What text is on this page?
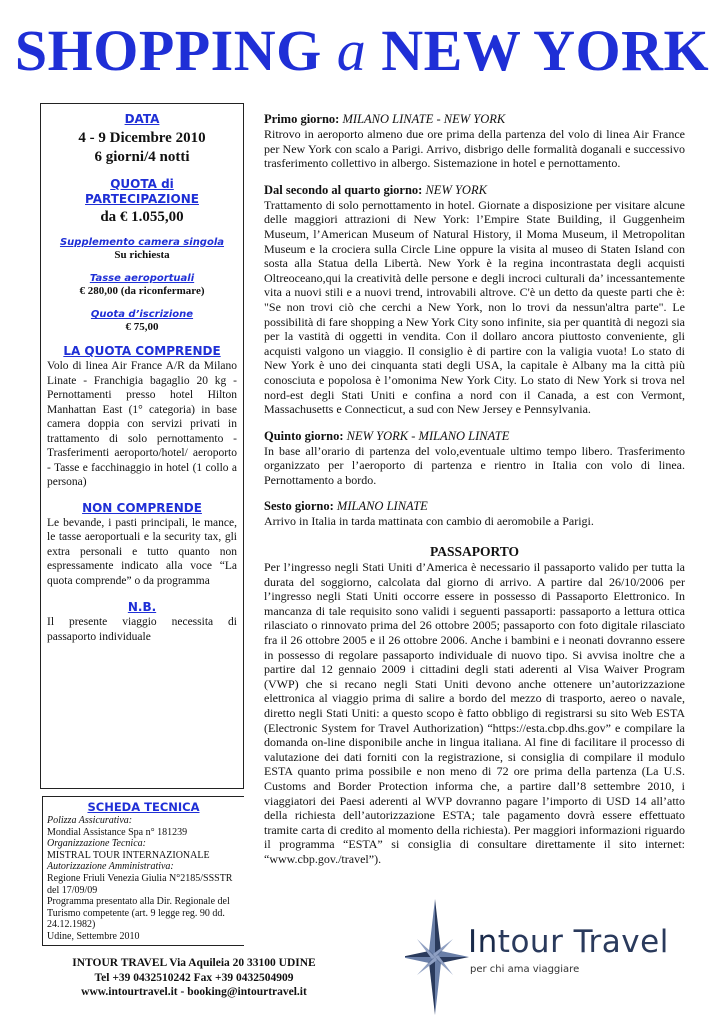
SHOPPING a NEW YORK
DATA
4 - 9 Dicembre 2010
6 giorni/4 notti
QUOTA di
PARTECIPAZIONE
da € 1.055,00
Supplemento camera singola
Su richiesta
Tasse aeroportuali
€ 280,00 (da riconfermare)
Quota d’iscrizione
€ 75,00
LA QUOTA COMPRENDE
Volo di linea Air France A/R da Milano Linate - Franchigia bagaglio 20 kg - Pernottamenti presso hotel Hilton Manhattan East (1° categoria) in base camera doppia con servizi privati in trattamento di solo pernottamento - Trasferimenti aeroporto/hotel/ aeroporto - Tasse e facchinaggio in hotel (1 collo a persona)
NON COMPRENDE
Le bevande, i pasti principali, le mance, le tasse aeroportuali e la security tax, gli extra personali e tutto quanto non espressamente indicato alla voce “La quota comprende” o da programma
N.B.
Il presente viaggio necessita di passaporto individuale
SCHEDA TECNICA
Polizza Assicurativa:
Mondial Assistance Spa n° 181239
Organizzazione Tecnica:
MISTRAL TOUR INTERNAZIONALE
Autorizzazione Amministrativa:
Regione Friuli Venezia Giulia N°2185/SSSTR del 17/09/09
Programma presentato alla Dir. Regionale del Turismo competente (art. 9 legge reg. 90 dd. 24.12.1982)
Udine, Settembre 2010
Primo giorno: MILANO LINATE - NEW YORK

Ritrovo in aeroporto almeno due ore prima della partenza del volo di linea Air France per New York con scalo a Parigi. Arrivo, disbrigo delle formalità doganali e successivo trasferimento collettivo in albergo. Sistemazione in hotel e pernottamento.

Dal secondo al quarto giorno: NEW YORK

Trattamento di solo pernottamento in hotel. Giornate a disposizione per visitare alcune delle maggiori attrazioni di New York: l’Empire State Building, il Guggenheim Museum, l’American Museum of Natural History, il Moma Museum, il Metropolitan Museum e la crociera sulla Circle Line oppure la visita al museo di Staten Island con sosta alla Statua della Libertà. New York è la regina incontrastata degli acquisti Oltreoceano,qui la creatività delle persone e degli incroci culturali da’ incessantemente vita a nuovi stili e a nuovi trend, introvabili altrove. C'è un detto da queste parti che è: "Se non trovi ciò che cerchi a New York, non lo trovi da nessun'altra parte". Le possibilità di fare shopping a New York City sono infinite, sia per quantità di negozi sia per la vastità di oggetti in vendita. Con il dollaro ancora piuttosto conveniente, gli acquisti valgono un viaggio. Il consiglio è di partire con la valigia vuota! Lo stato di New York è uno dei cinquanta stati degli USA, la capitale è Albany ma la città più conosciuta e popolosa è l’omonima New York City. Lo stato di New York si trova nel nord-est degli Stati Uniti e confina a nord con il Canada, a est con Vermont, Massachusetts e Connecticut, a sud con New Jersey e Pennsylvania.

Quinto giorno: NEW YORK - MILANO LINATE

In base all’orario di partenza del volo,eventuale ultimo tempo libero. Trasferimento organizzato per l’aeroporto di partenza e rientro in Italia con volo di linea. Pernottamento a bordo.

Sesto giorno: MILANO LINATE

Arrivo in Italia in tarda mattinata con cambio di aeromobile a Parigi.

PASSAPORTO

Per l’ingresso negli Stati Uniti d’America è necessario il passaporto valido per tutta la durata del soggiorno, calcolata dal giorno di arrivo. A partire dal 26/10/2006 per l’ingresso negli Stati Uniti occorre essere in possesso di Passaporto Elettronico. In mancanza di tale requisito sono validi i seguenti passaporti: passaporto a lettura ottica rilasciato o rinnovato prima del 26 ottobre 2005; passaporto con foto digitale rilasciato fra il 26 ottobre 2005 e il 26 ottobre 2006. Anche i bambini e i neonati dovranno essere in possesso di regolare passaporto individuale di nuovo tipo. Si avvisa inoltre che a partire dal 12 gennaio 2009 i cittadini degli stati aderenti al Visa Waiver Program (VWP) che si recano negli Stati Uniti devono anche ottenere un’autorizzazione elettronica al viaggio prima di salire a bordo del mezzo di trasporto, aereo o navale, diretto negli Stati Uniti: a questo scopo è fatto obbligo di registrarsi su sito Web ESTA (Electronic System for Travel Authorization) “https://esta.cbp.dhs.gov” e compilare la domanda on-line disponibile anche in lingua italiana. Al fine di facilitare il processo di valutazione dei dati forniti con la registrazione, si consiglia di compilare il modulo ESTA quanto prima possibile e non meno di 72 ore prima della partenza (La U.S. Customs and Border Protection informa che, a partire dall’8 settembre 2010, i viaggiatori dei Paesi aderenti al WVP dovranno pagare l’importo di USD 14 all’atto della richiesta dell’autorizzazione ESTA; tale pagamento dovrà essere effettuato tramite carta di credito al momento della richiesta). Per maggiori informazioni riguardo il programma “ESTA” si consiglia di consultare direttamente il sito internet: “www.cbp.gov./travel”).

INTOUR TRAVEL Via Aquileia 20 33100 UDINE
Tel +39 0432510242 Fax +39 0432504909
www.intourtravel.it - booking@intourtravel.it
Intour Travel
per chi ama viaggiare
